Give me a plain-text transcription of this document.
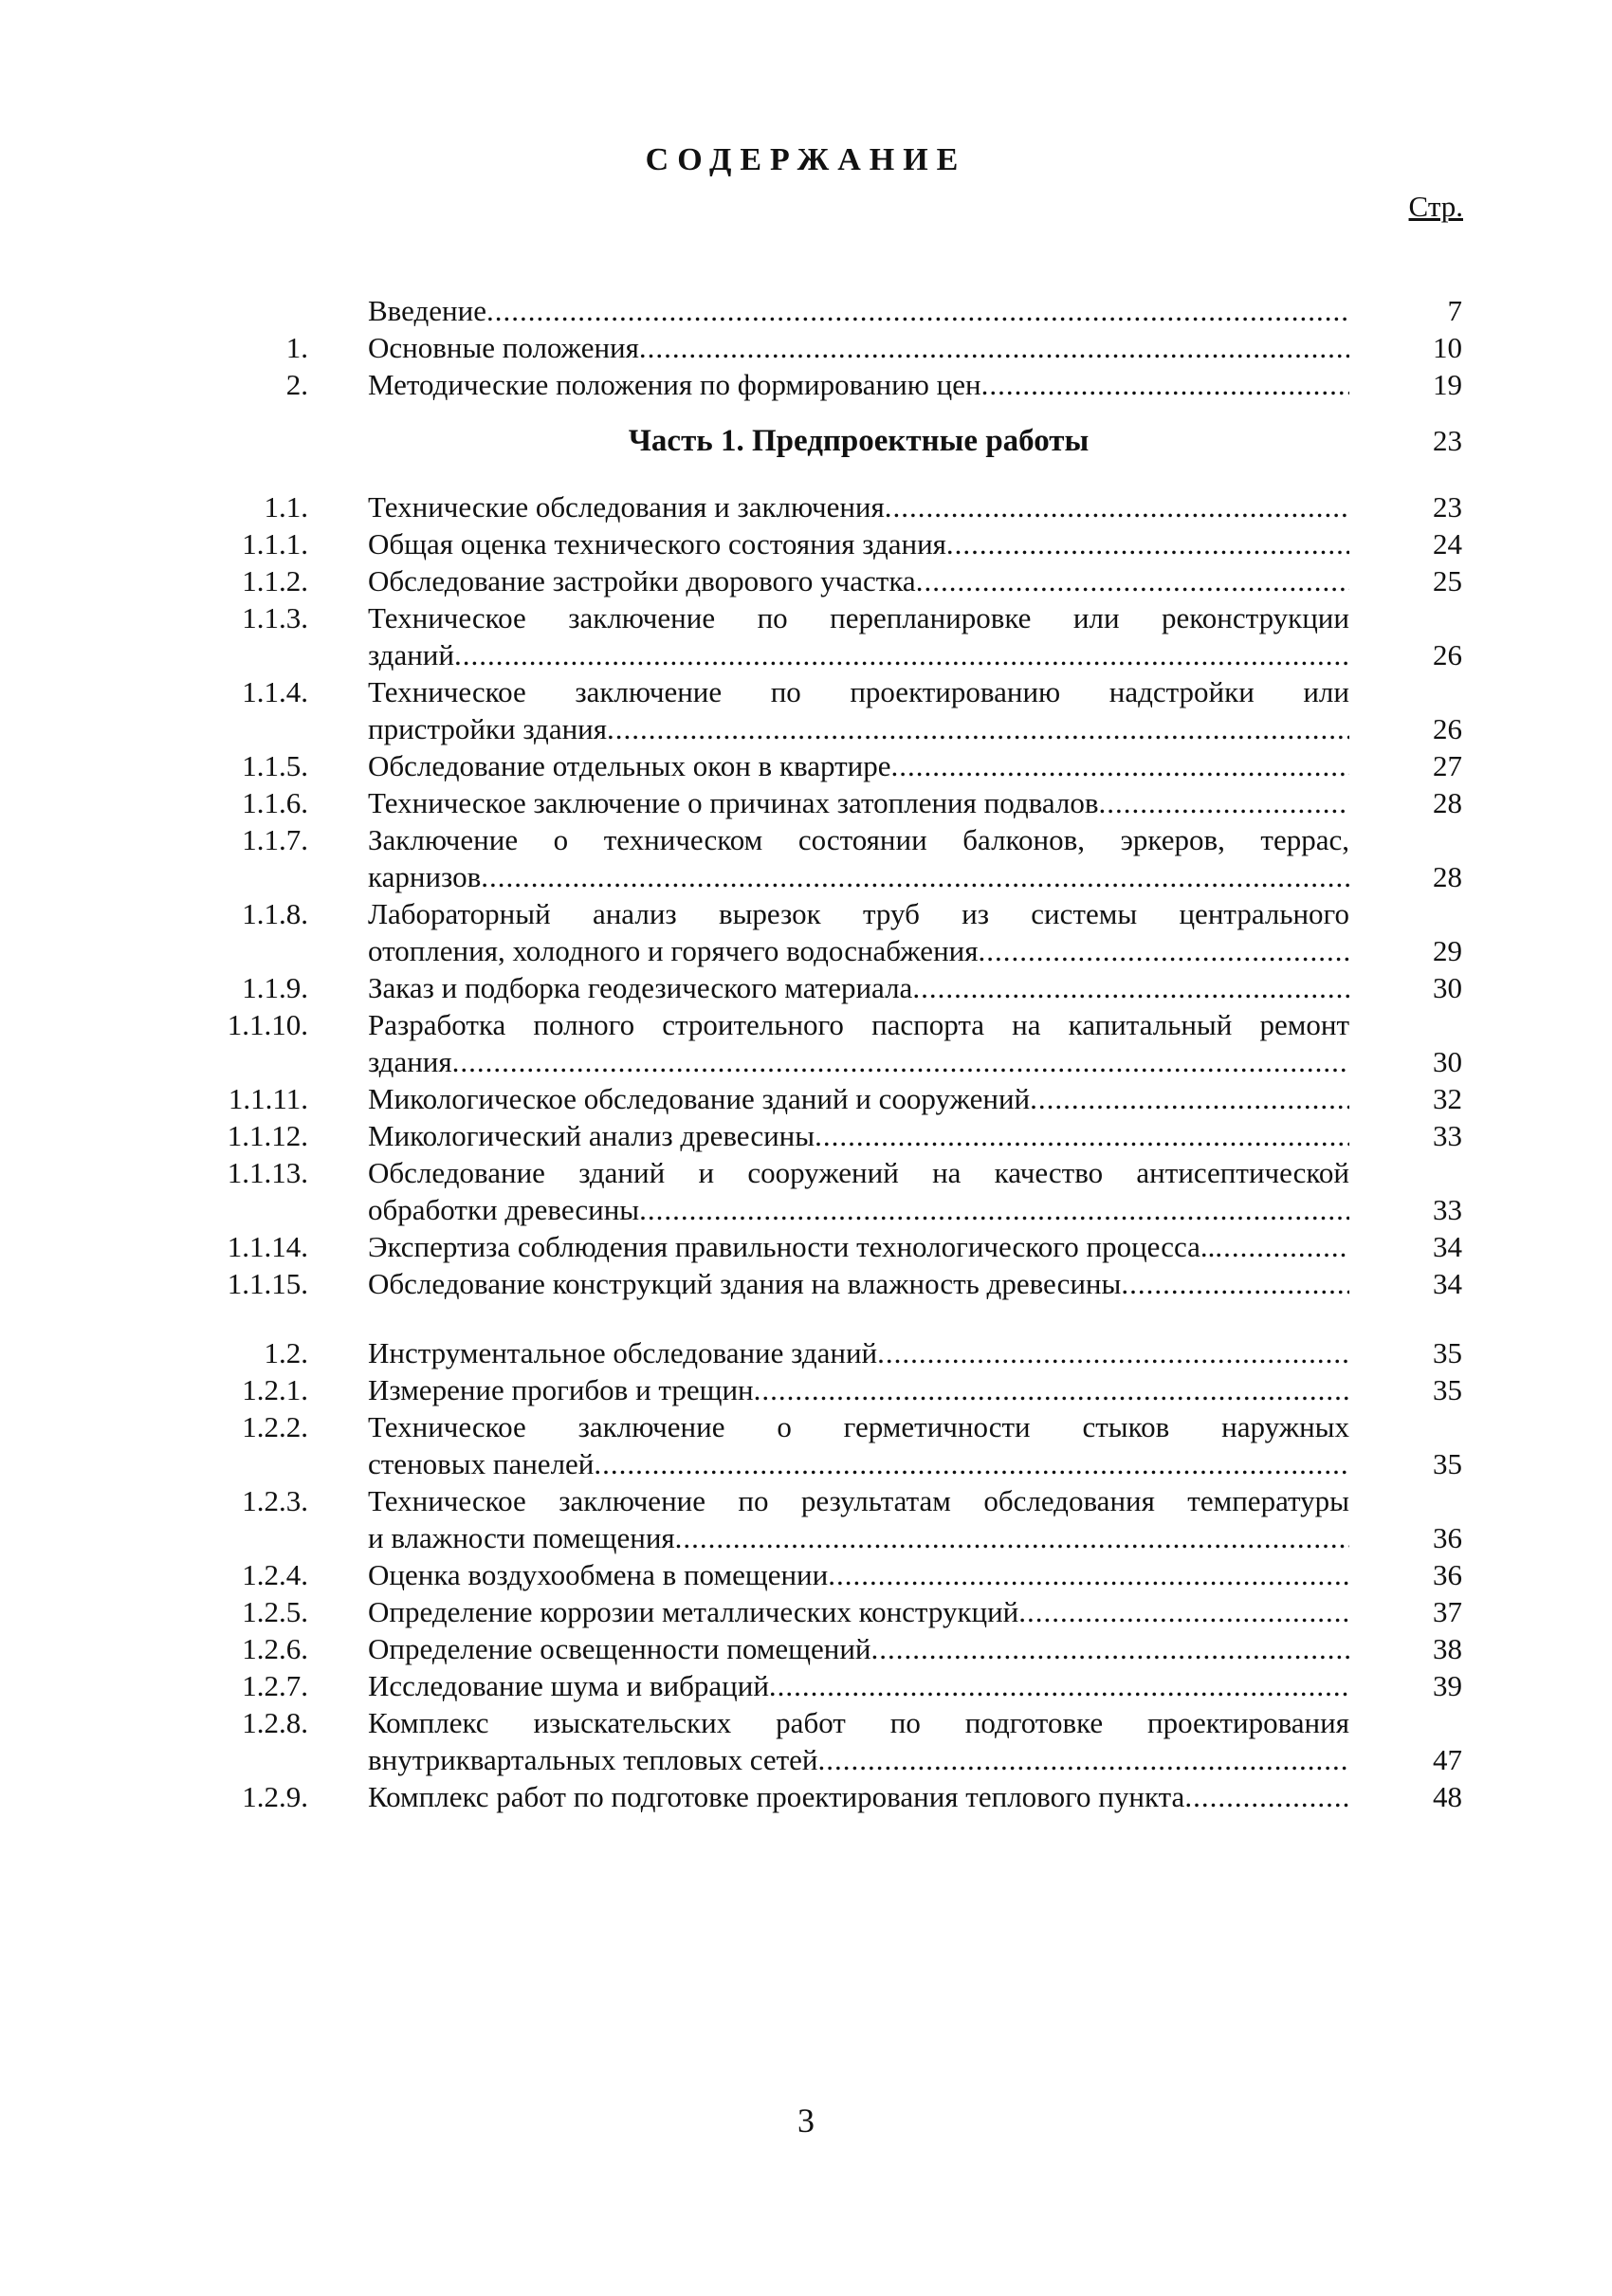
СОДЕРЖАНИЕ
Стр.
Введение .....	7
1. Основные положения .....	10
2. Методические положения по формированию цен .....	19
Часть 1. Предпроектные работы	23
1.1. Технические обследования и заключения .....	23
1.1.1. Общая оценка технического состояния здания .....	24
1.1.2. Обследование застройки дворового участка .....	25
1.1.3. Техническое заключение по перепланировке или реконструкции
зданий .....	26
1.1.4. Техническое заключение по проектированию надстройки или
пристройки здания .....	26
1.1.5. Обследование отдельных окон в квартире .....	27
1.1.6. Техническое заключение о причинах затопления подвалов .....	28
1.1.7. Заключение о техническом состоянии балконов, эркеров, террас,
карнизов .....	28
1.1.8. Лабораторный анализ вырезок труб из системы центрального
отопления, холодного и горячего водоснабжения .....	29
1.1.9. Заказ и подборка геодезического материала .....	30
1.1.10. Разработка полного строительного паспорта на капитальный ремонт
здания .....	30
1.1.11. Микологическое обследование зданий и сооружений .....	32
1.1.12. Микологический анализ древесины .....	33
1.1.13. Обследование зданий и сооружений на качество антисептической
обработки древесины .....	33
1.1.14. Экспертиза соблюдения правильности технологического процесса.. .....	34
1.1.15. Обследование конструкций здания на влажность древесины .....	34
1.2. Инструментальное обследование зданий .....	35
1.2.1. Измерение прогибов и трещин .....	35
1.2.2. Техническое заключение о герметичности стыков наружных
стеновых панелей .....	35
1.2.3. Техническое заключение по результатам обследования температуры
и влажности помещения .....	36
1.2.4. Оценка воздухообмена в помещении .....	36
1.2.5. Определение коррозии металлических конструкций .....	37
1.2.6. Определение освещенности помещений .....	38
1.2.7. Исследование шума и вибраций .....	39
1.2.8. Комплекс изыскательских работ по подготовке проектирования
внутриквартальных тепловых сетей .....	47
1.2.9. Комплекс работ по подготовке проектирования теплового пункта .....	48
3
